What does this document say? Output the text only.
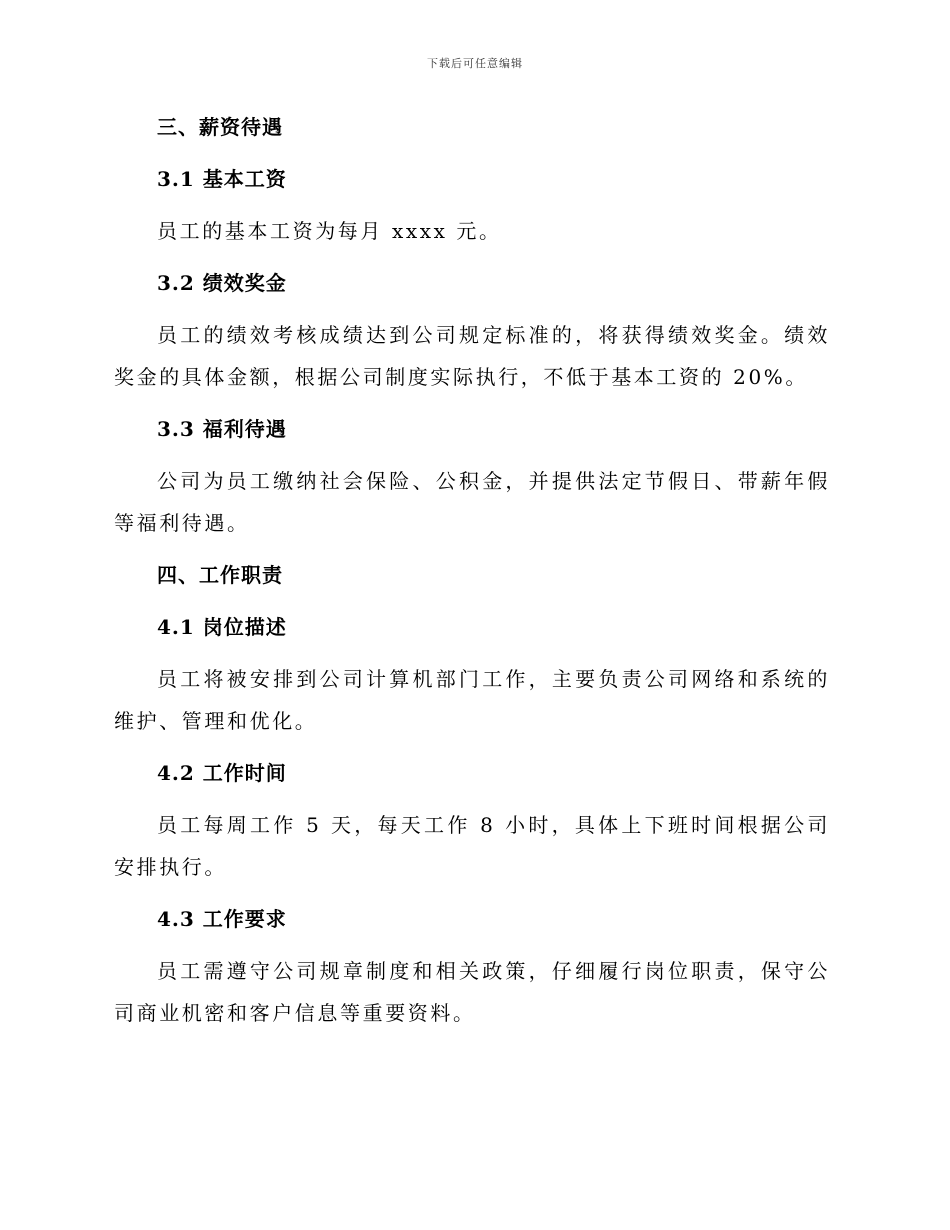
下载后可任意编辑
三、薪资待遇
3.1 基本工资

员工的基本工资为每月 xxxx 元。

3.2 绩效奖金

员工的绩效考核成绩达到公司规定标准的，将获得绩效奖金。绩效奖金的具体金额，根据公司制度实际执行，不低于基本工资的 20%。

3.3 福利待遇

公司为员工缴纳社会保险、公积金，并提供法定节假日、带薪年假等福利待遇。

四、工作职责
4.1 岗位描述

员工将被安排到公司计算机部门工作，主要负责公司网络和系统的维护、管理和优化。

4.2 工作时间

员工每周工作 5 天，每天工作 8 小时，具体上下班时间根据公司安排执行。

4.3 工作要求

员工需遵守公司规章制度和相关政策，仔细履行岗位职责，保守公司商业机密和客户信息等重要资料。
